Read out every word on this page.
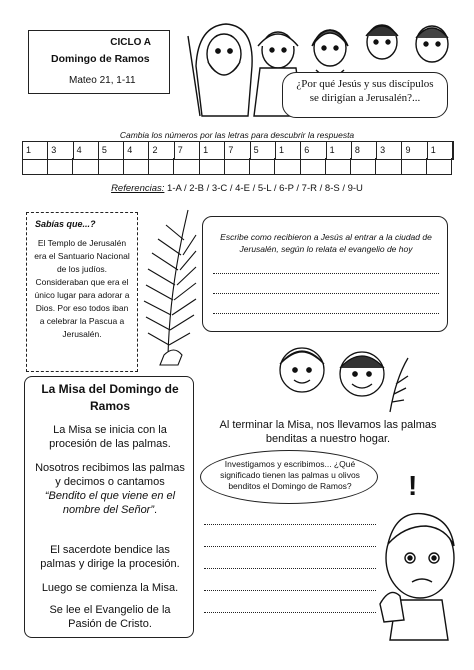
CICLO A
Domingo de Ramos
Mateo 21, 1-11	¿Por qué Jesús y sus discípulos se dirigían a Jerusalén?...
Cambia los números por las letras para descubrir la respuesta
1	3	4	5	4	2	7	1	7	5	1	6	1	8	3	9	1
Referencias: 1-A / 2-B / 3-C / 4-E / 5-L / 6-P / 7-R / 8-S / 9-U
Sabías que...?
El Templo de Jerusalén era el Santuario Nacional de los judíos. Consideraban que era el único lugar para adorar a Dios. Por eso todos iban a celebrar la Pascua a Jerusalén.
Escribe como recibieron a Jesús al entrar a la ciudad de Jerusalén, según lo relata el evangelio de hoy
La Misa del Domingo de Ramos
La Misa se inicia con la procesión de las palmas.
Nosotros recibimos las palmas y decimos o cantamos “Bendito el que viene en el nombre del Señor”.
El sacerdote bendice las palmas y dirige la procesión.
Luego se comienza la Misa.
Se lee el Evangelio de la Pasión de Cristo.
Al terminar la Misa, nos llevamos las palmas benditas a nuestro hogar.
Investigamos y escribimos... ¿Qué significado tienen las palmas u olivos benditos el Domingo de Ramos?	!
